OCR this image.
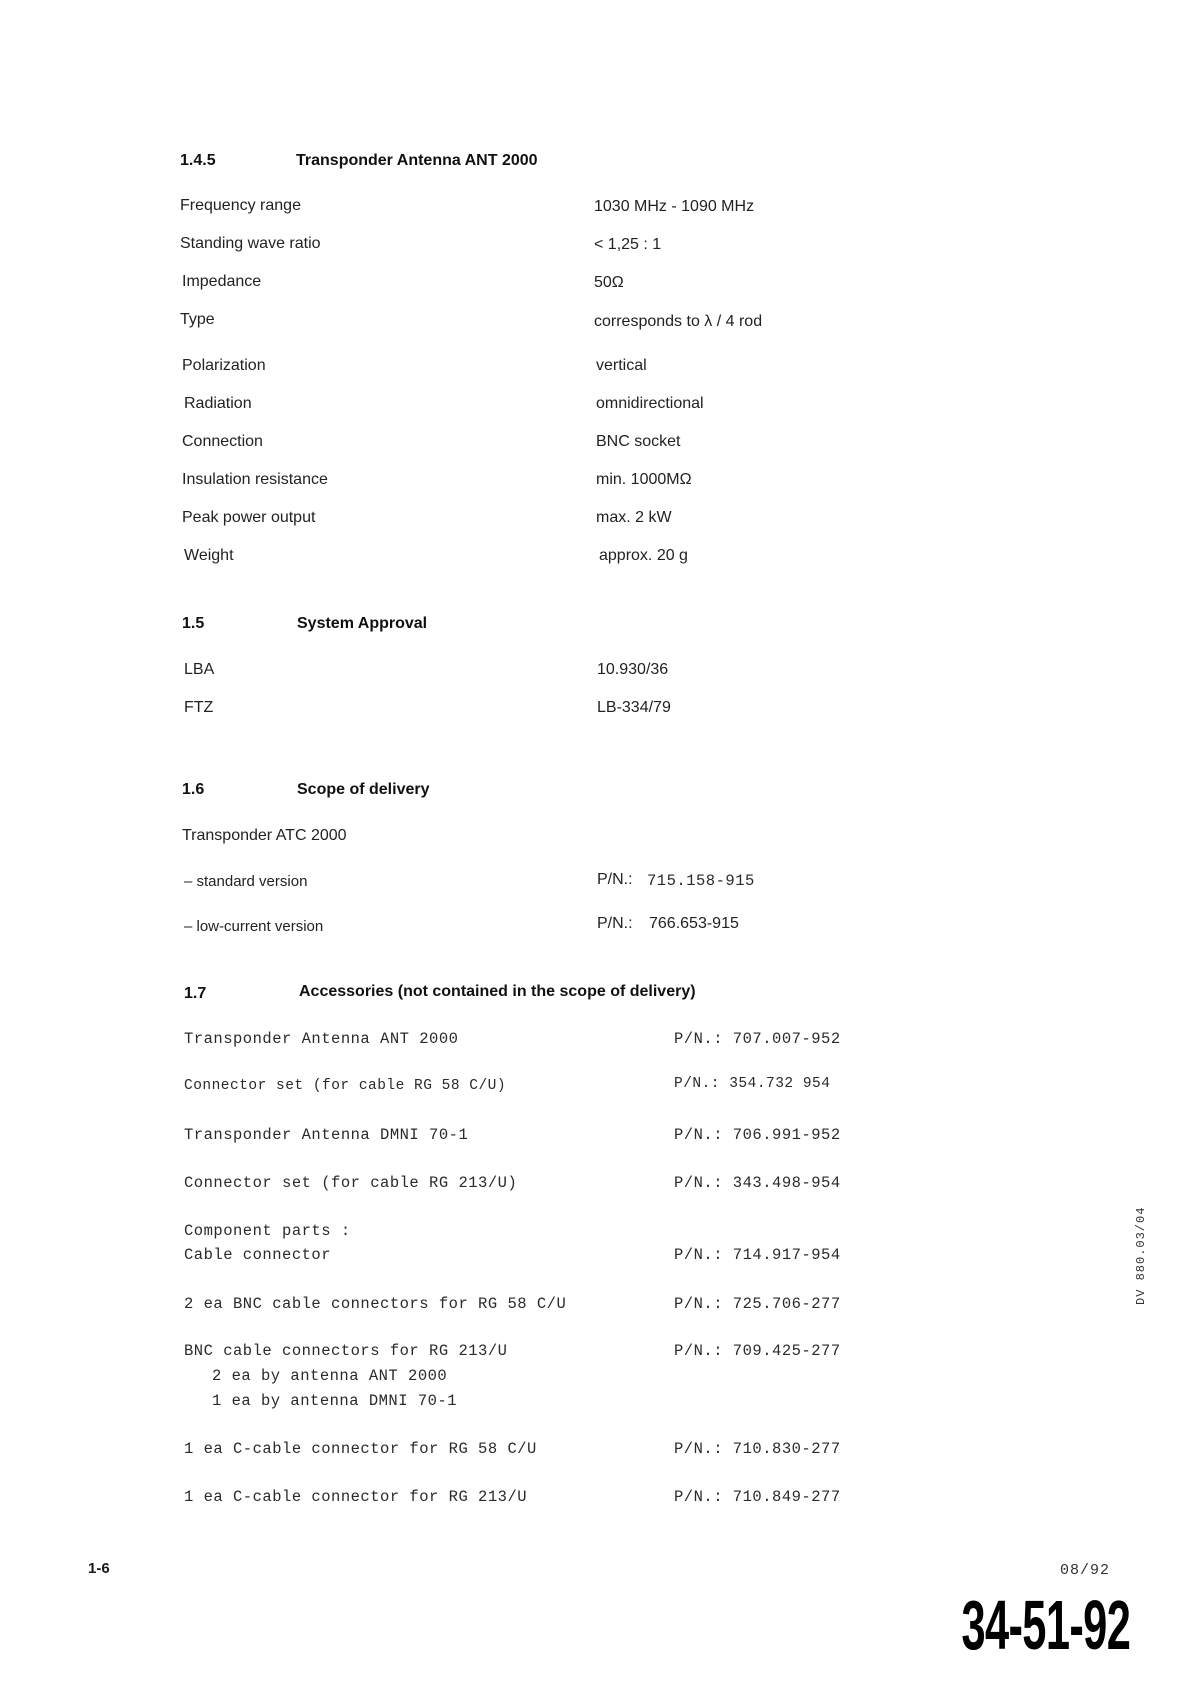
1.4.5	Transponder Antenna ANT 2000
Frequency range	1030 MHz - 1090 MHz
Standing wave ratio	< 1,25 : 1
Impedance	50Ω
Type	corresponds to λ / 4 rod
Polarization	vertical
Radiation	omnidirectional
Connection	BNC socket
Insulation resistance	min. 1000MΩ
Peak power output	max. 2 kW
Weight	approx. 20 g
1.5	System Approval
LBA	10.930/36
FTZ	LB-334/79
1.6	Scope of delivery
Transponder ATC 2000
– standard version	P/N.: 715.158-915
– low-current version	P/N.: 766.653-915
1.7	Accessories (not contained in the scope of delivery)
Transponder Antenna ANT 2000	P/N.: 707.007-952
Connector set (for cable RG 58 C/U)	P/N.: 354.732 954
Transponder Antenna DMNI 70-1	P/N.: 706.991-952
Connector set (for cable RG 213/U)	P/N.: 343.498-954
Component parts :
Cable connector	P/N.: 714.917-954
2 ea BNC cable connectors for RG 58 C/U	P/N.: 725.706-277
BNC cable connectors for RG 213/U	P/N.: 709.425-277
2 ea by antenna ANT 2000
1 ea by antenna DMNI 70-1
1 ea C-cable connector for RG 58 C/U	P/N.: 710.830-277
1 ea C-cable connector for RG 213/U	P/N.: 710.849-277
DV 880.03/04
1-6	08/92
34-51-92
